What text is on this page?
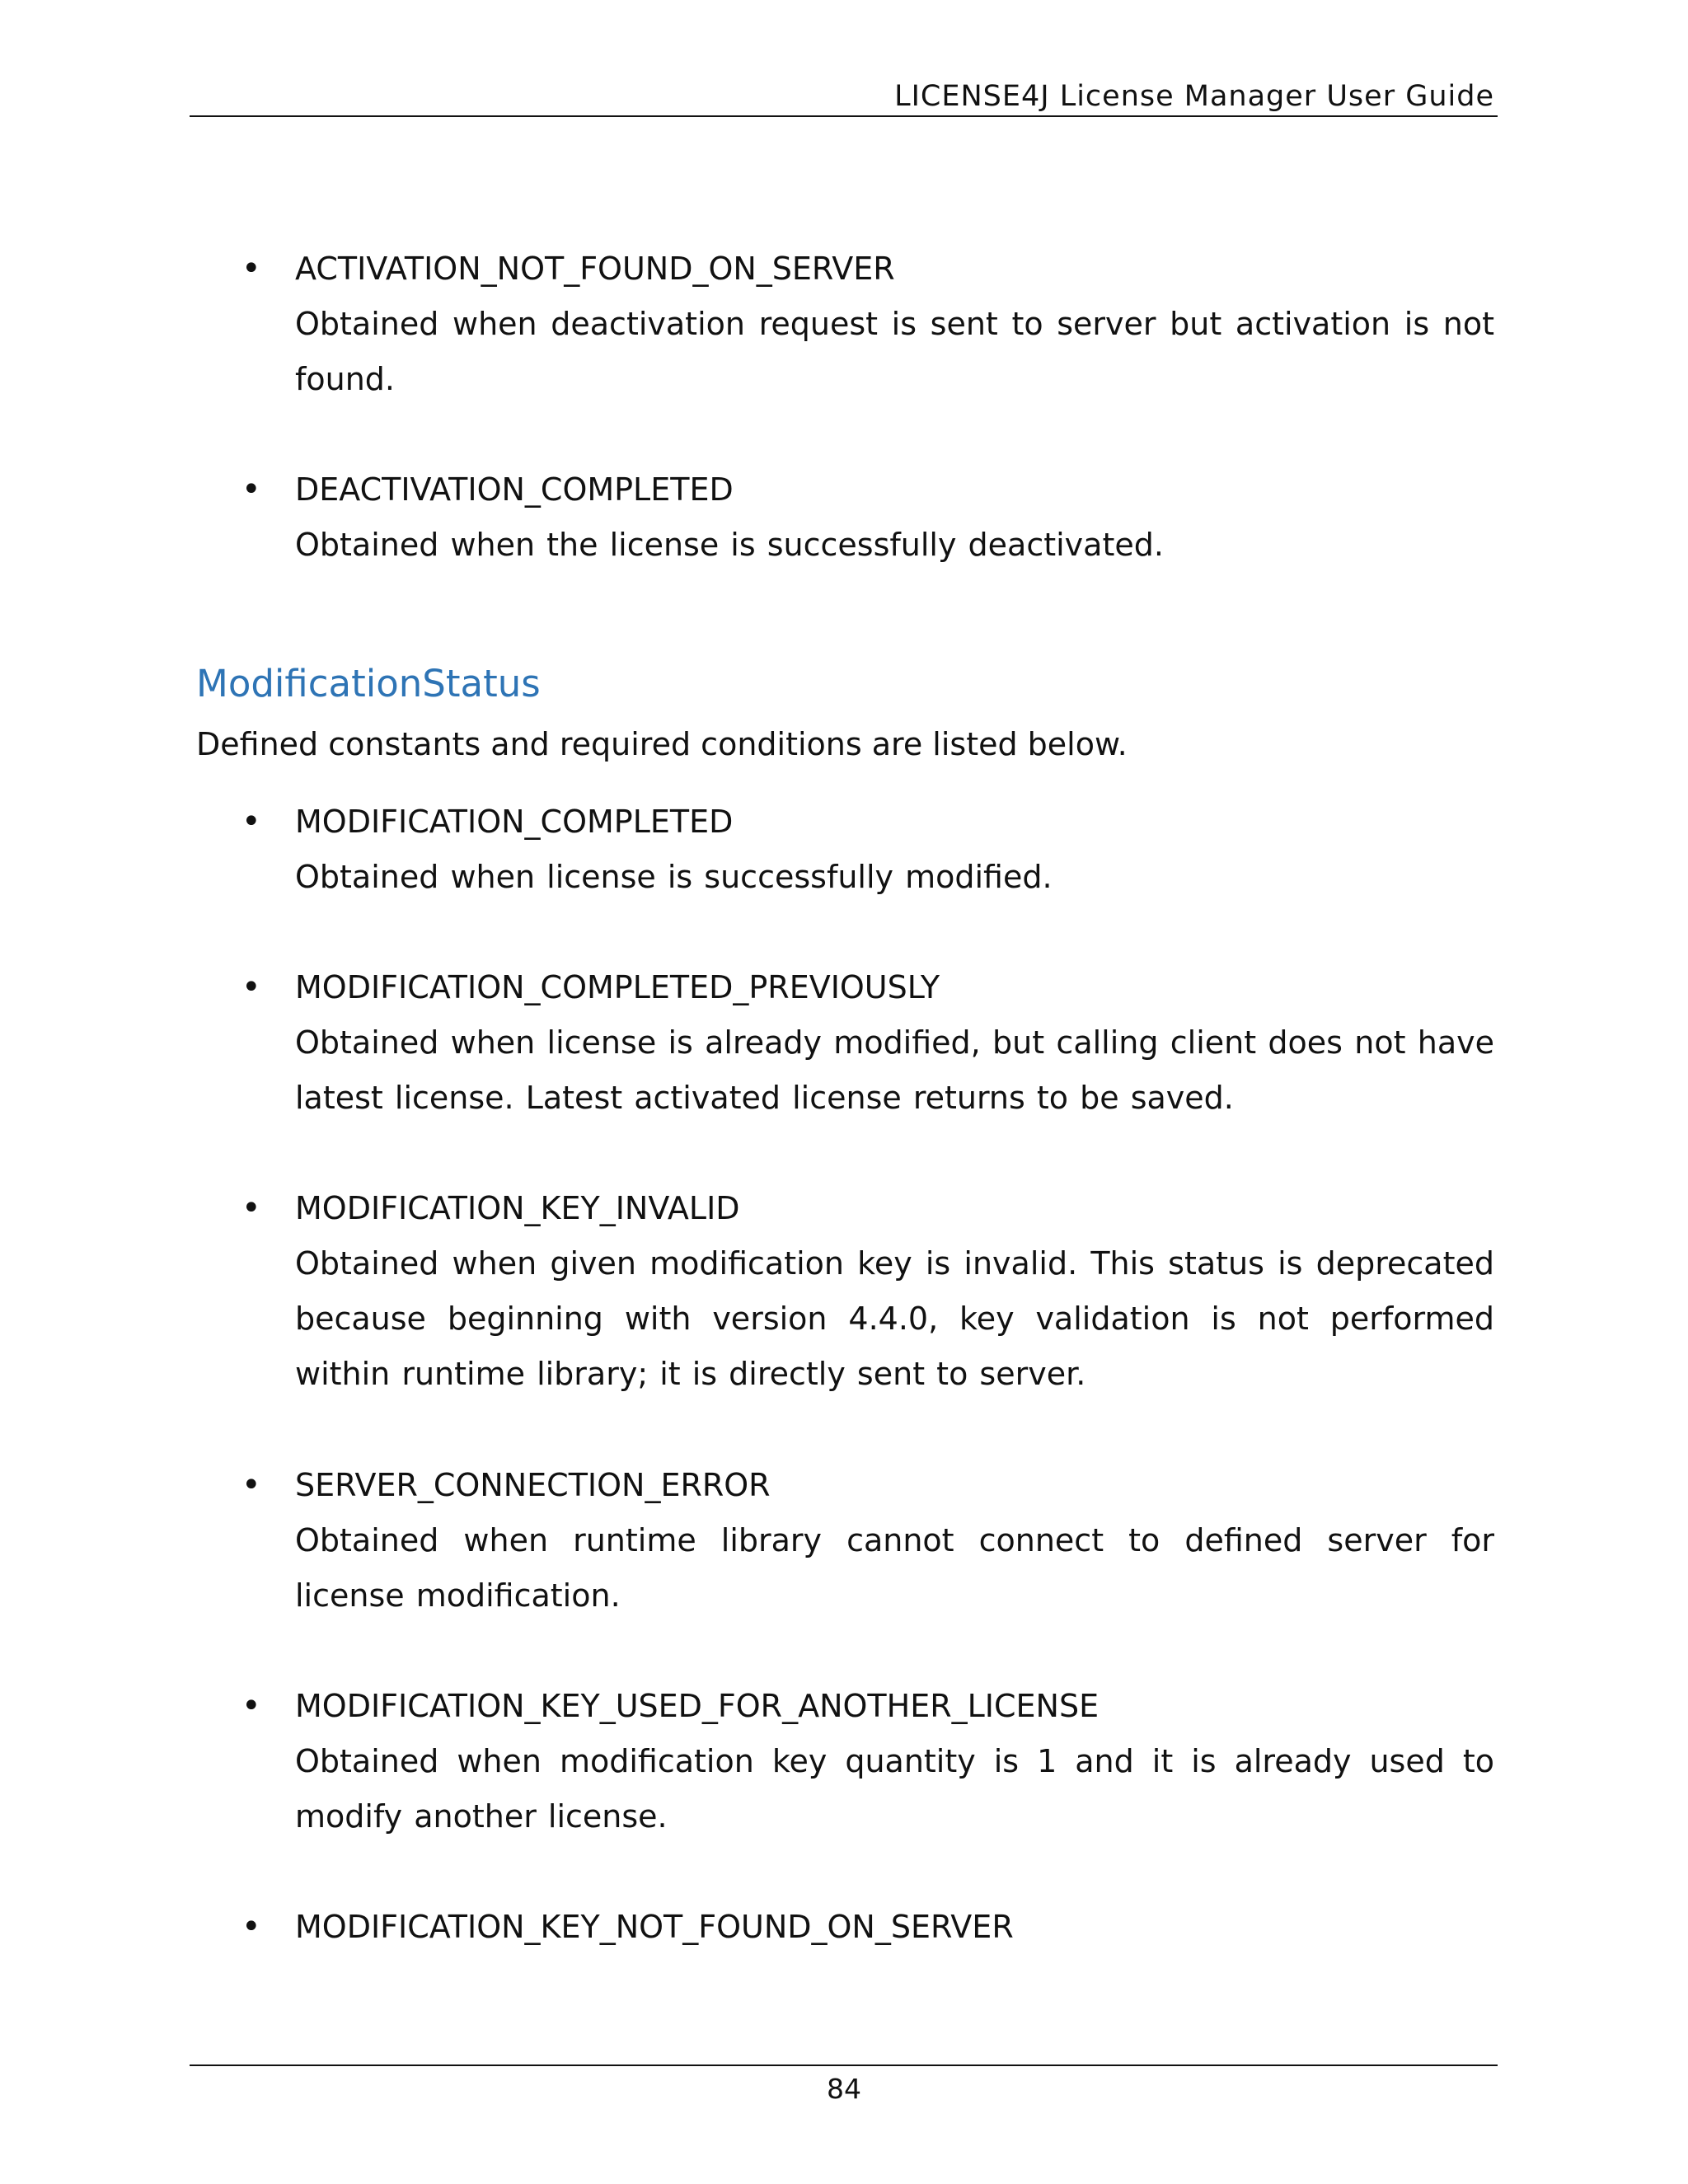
LICENSE4J License Manager User Guide
• ACTIVATION_NOT_FOUND_ON_SERVER
Obtained when deactivation request is sent to server but activation is not found.
• DEACTIVATION_COMPLETED
Obtained when the license is successfully deactivated.
ModificationStatus
Defined constants and required conditions are listed below.
• MODIFICATION_COMPLETED
Obtained when license is successfully modified.
• MODIFICATION_COMPLETED_PREVIOUSLY
Obtained when license is already modified, but calling client does not have latest license. Latest activated license returns to be saved.
• MODIFICATION_KEY_INVALID
Obtained when given modification key is invalid. This status is deprecated because beginning with version 4.4.0, key validation is not performed within runtime library; it is directly sent to server.
• SERVER_CONNECTION_ERROR
Obtained when runtime library cannot connect to defined server for license modification.
• MODIFICATION_KEY_USED_FOR_ANOTHER_LICENSE
Obtained when modification key quantity is 1 and it is already used to modify another license.
• MODIFICATION_KEY_NOT_FOUND_ON_SERVER
84
